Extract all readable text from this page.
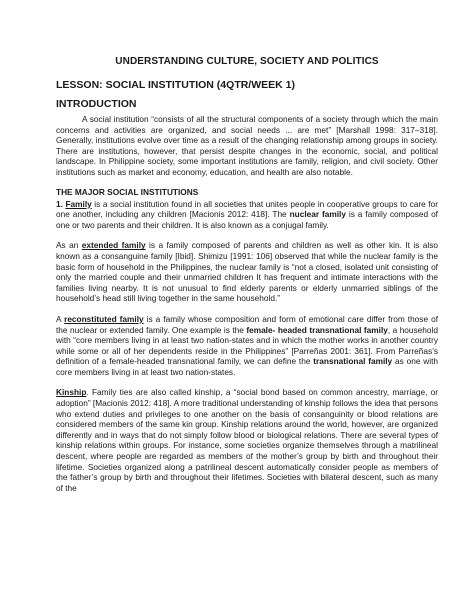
UNDERSTANDING CULTURE, SOCIETY AND POLITICS
LESSON: SOCIAL INSTITUTION (4QTR/WEEK 1)
INTRODUCTION

A social institution “consists of all the structural components of a society through which the main concerns and activities are organized, and social needs ... are met” [Marshall 1998: 317–318]. Generally, institutions evolve over time as a result of the changing relationship among groups in society. There are institutions, however, that persist despite changes in the economic, social, and political landscape. In Philippine society, some important institutions are family, religion, and civil society. Other institutions such as market and economy, education, and health are also notable.

THE MAJOR SOCIAL INSTITUTIONS

1. Family is a social institution found in all societies that unites people in cooperative groups to care for one another, including any children [Macionis 2012: 418]. The nuclear family is a family composed of one or two parents and their children. It is also known as a conjugal family.

As an extended family is a family composed of parents and children as well as other kin. It is also known as a consanguine family [Ibid]. Shimizu [1991: 106] observed that while the nuclear family is the basic form of household in the Philippines, the nuclear family is “not a closed, isolated unit consisting of only the married couple and their unmarried children It has frequent and intimate interactions with the families living nearby. It is not unusual to find elderly parents or elderly unmarried siblings of the household’s head still living together in the same household.”

A reconstituted family is a family whose composition and form of emotional care differ from those of the nuclear or extended family. One example is the female- headed transnational family, a household with “core members living in at least two nation-states and in which the mother works in another country while some or all of her dependents reside in the Philippines” [Parreñas 2001: 361]. From Parreñas’s definition of a female-headed transnational family, we can define the transnational family as one with core members living in at least two nation-states.

Kinship. Family ties are also called kinship, a “social bond based on common ancestry, marriage, or adoption” [Macionis 2012: 418]. A more traditional understanding of kinship follows the idea that persons who extend duties and privileges to one another on the basis of consanguinity or blood relations are considered members of the same kin group. Kinship relations around the world, however, are organized differently and in ways that do not simply follow blood or biological relations. There are several types of kinship relations within groups. For instance, some societies organize themselves through a matrilineal descent, where people are regarded as members of the mother’s group by birth and throughout their lifetime. Societies organized along a patrilineal descent automatically consider people as members of the father’s group by birth and throughout their lifetimes. Societies with bilateral descent, such as many of the
